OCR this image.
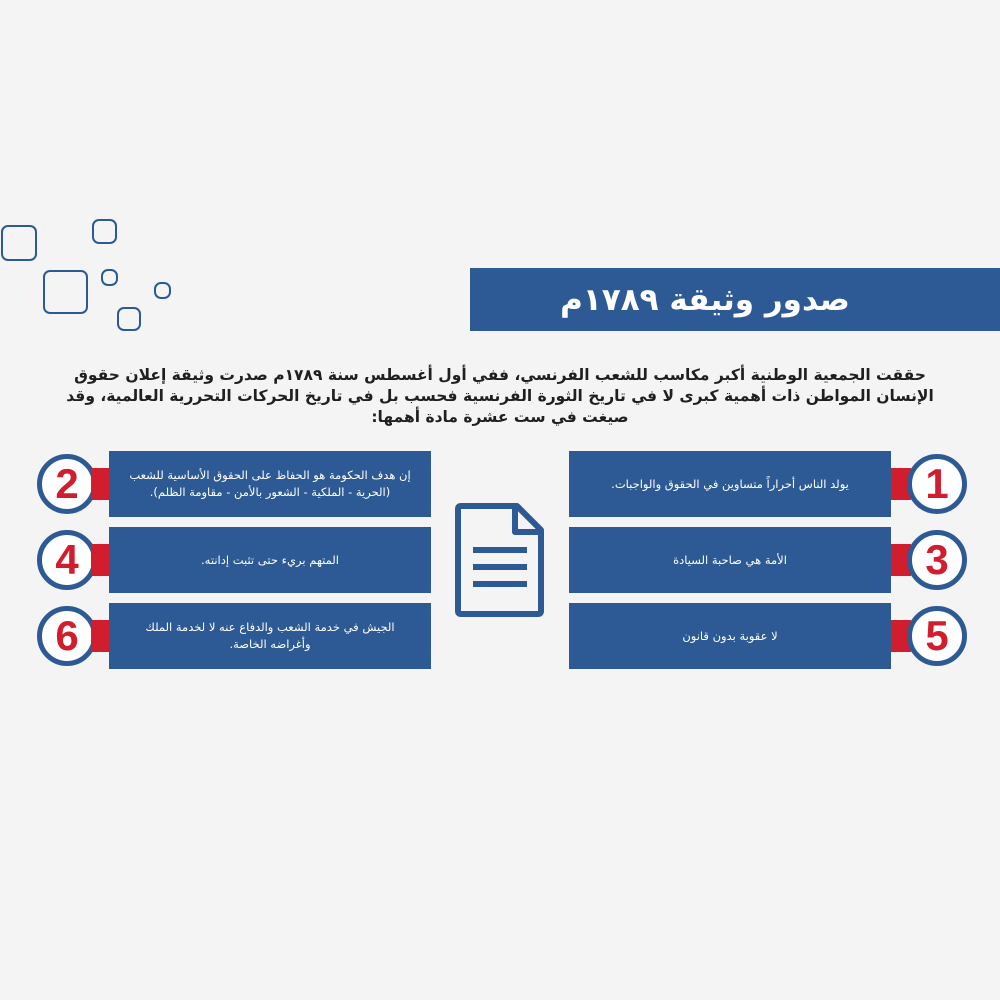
صدور وثيقة ١٧٨٩م
حققت الجمعية الوطنية أكبر مكاسب للشعب الفرنسي، ففي أول أغسطس سنة ١٧٨٩م صدرت وثيقة إعلان حقوق الإنسان المواطن ذات أهمية كبرى لا في تاريخ الثورة الفرنسية فحسب بل في تاريخ الحركات التحررية العالمية، وقد صيغت في ست عشرة مادة أهمها:
يولد الناس أحراراً متساوين في الحقوق والواجبات.	1
الأمة هي صاحبة السيادة	3
لا عقوبة بدون قانون	5
2	إن هدف الحكومة هو الحفاظ على الحقوق الأساسية للشعب (الحرية - الملكية - الشعور بالأمن - مقاومة الظلم).
4	المتهم بريء حتى تثبت إدانته.
6	الجيش في خدمة الشعب والدفاع عنه لا لخدمة الملك وأغراضه الخاصة.
